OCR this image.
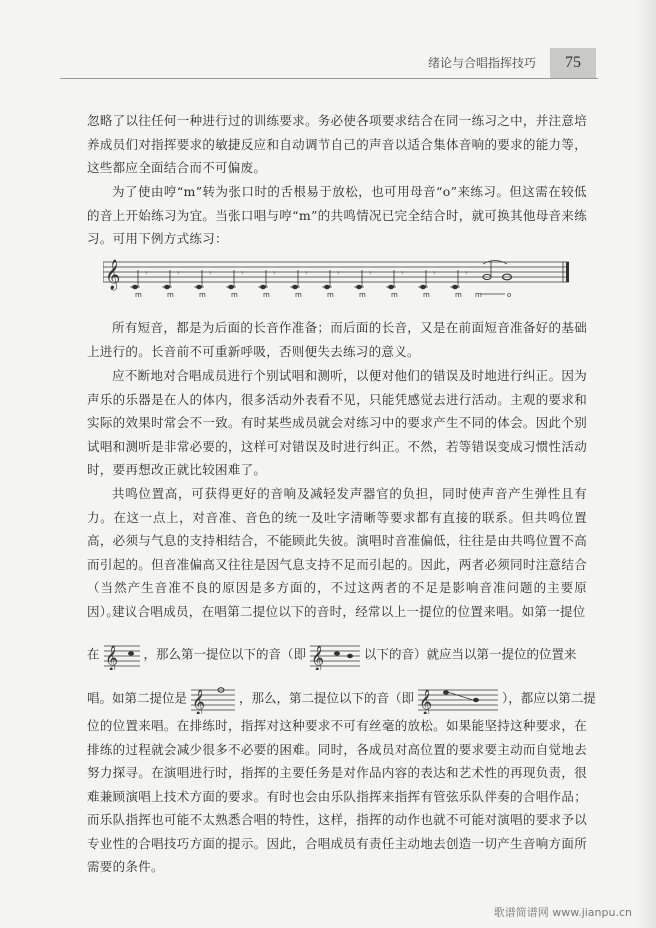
绪论与合唱指挥技巧	75

忽略了以往任何一种进行过的训练要求。务必使各项要求结合在同一练习之中，并注意培养成员们对指挥要求的敏捷反应和自动调节自己的声音以适合集体音响的要求的能力等，这些都应全面结合而不可偏废。

为了使由哼“m”转为张口时的舌根易于放松，也可用母音“o”来练习。但这需在较低的音上开始练习为宜。当张口唱与哼“m”的共鸣情况已完全结合时，就可换其他母音来练习。可用下例方式练习：

𝄞	𝄾	𝄾	𝄾	𝄾	𝄾	𝄾	𝄾	𝄾	𝄾	𝄾	𝄾
⌒
m	m	m	m	m	m	m	m	m	m	m m	o

所有短音，都是为后面的长音作准备；而后面的长音，又是在前面短音准备好的基础上进行的。长音前不可重新呼吸，否则便失去练习的意义。

应不断地对合唱成员进行个别试唱和测听，以便对他们的错误及时地进行纠正。因为声乐的乐器是在人的体内，很多活动外表看不见，只能凭感觉去进行活动。主观的要求和实际的效果时常会不一致。有时某些成员就会对练习中的要求产生不同的体会。因此个别试唱和测听是非常必要的，这样可对错误及时进行纠正。不然，若等错误变成习惯性活动时，要再想改正就比较困难了。

共鸣位置高，可获得更好的音响及减轻发声器官的负担，同时使声音产生弹性且有力。在这一点上，对音准、音色的统一及吐字清晰等要求都有直接的联系。但共鸣位置高，必须与气息的支持相结合，不能顾此失彼。演唱时音准偏低，往往是由共鸣位置不高而引起的。但音准偏高又往往是因气息支持不足而引起的。因此，两者必须同时注意结合（当然产生音准不良的原因是多方面的，不过这两者的不足是影响音准问题的主要原因）。

建议合唱成员，在唱第二提位以下的音时，经常以上一提位的位置来唱。如第一提位

在 𝄞 ，那么第一提位以下的音（即 𝄞	以下的音）就应当以第一提位的位置来
唱。如第二提位是 𝄞	，那么，第二提位以下的音（即 𝄞	），都应以第二提

位的位置来唱。在排练时，指挥对这种要求不可有丝毫的放松。如果能坚持这种要求，在排练的过程就会减少很多不必要的困难。同时，各成员对高位置的要求要主动而自觉地去努力探寻。在演唱进行时，指挥的主要任务是对作品内容的表达和艺术性的再现负责，很难兼顾演唱上技术方面的要求。有时也会由乐队指挥来指挥有管弦乐队伴奏的合唱作品；而乐队指挥也可能不太熟悉合唱的特性，这样，指挥的动作也就不可能对演唱的要求予以专业性的合唱技巧方面的提示。因此，合唱成员有责任主动地去创造一切产生音响方面所需要的条件。

歌谱简谱网 www.jianpu.cn
